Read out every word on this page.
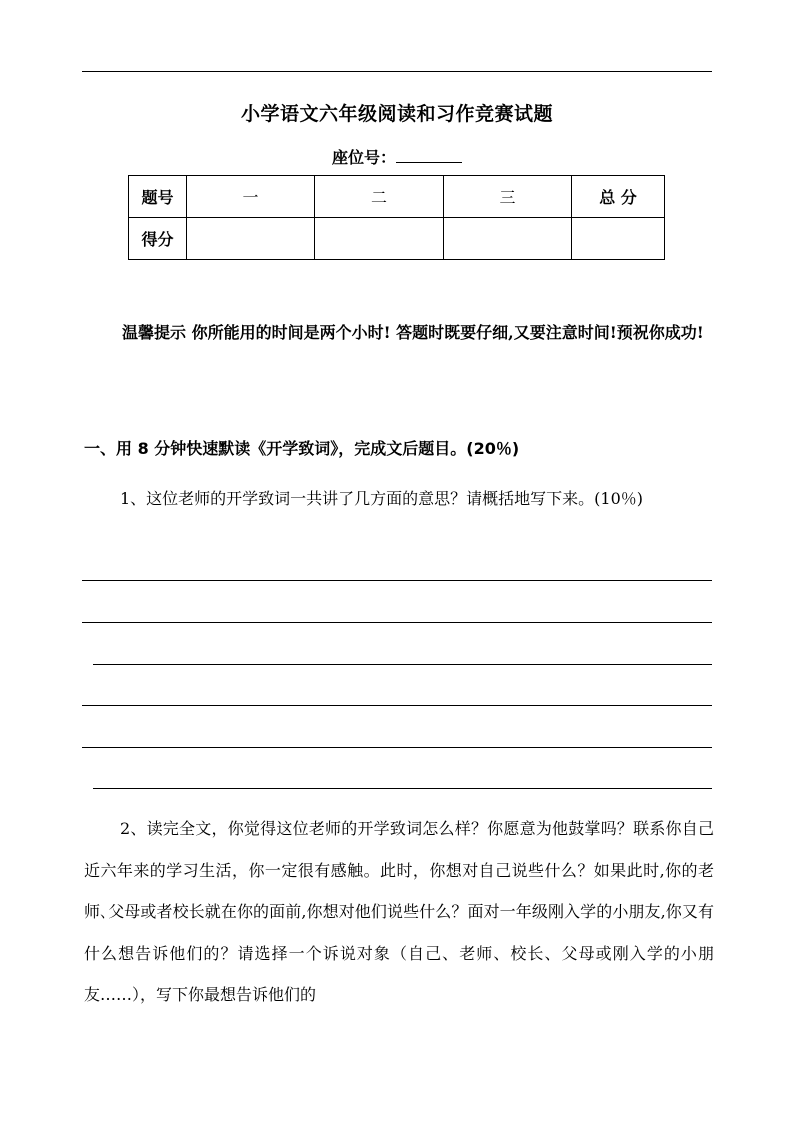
小学语文六年级阅读和习作竞赛试题
座位号：
题号	一	二	三	总 分
得分				
温馨提示 你所能用的时间是两个小时! 答题时既要仔细,又要注意时间!预祝你成功!
一、用 8 分钟快速默读《开学致词》，完成文后题目。(20％)
1、这位老师的开学致词一共讲了几方面的意思？请概括地写下来。(10％)
2、读完全文，你觉得这位老师的开学致词怎么样？你愿意为他鼓掌吗？联系你自己近六年来的学习生活，你一定很有感触。此时，你想对自己说些什么？如果此时,你的老师､父母或者校长就在你的面前,你想对他们说些什么？面对一年级刚入学的小朋友,你又有什么想告诉他们的？请选择一个诉说对象（自己、老师、校长、父母或刚入学的小朋友……），写下你最想告诉他们的
